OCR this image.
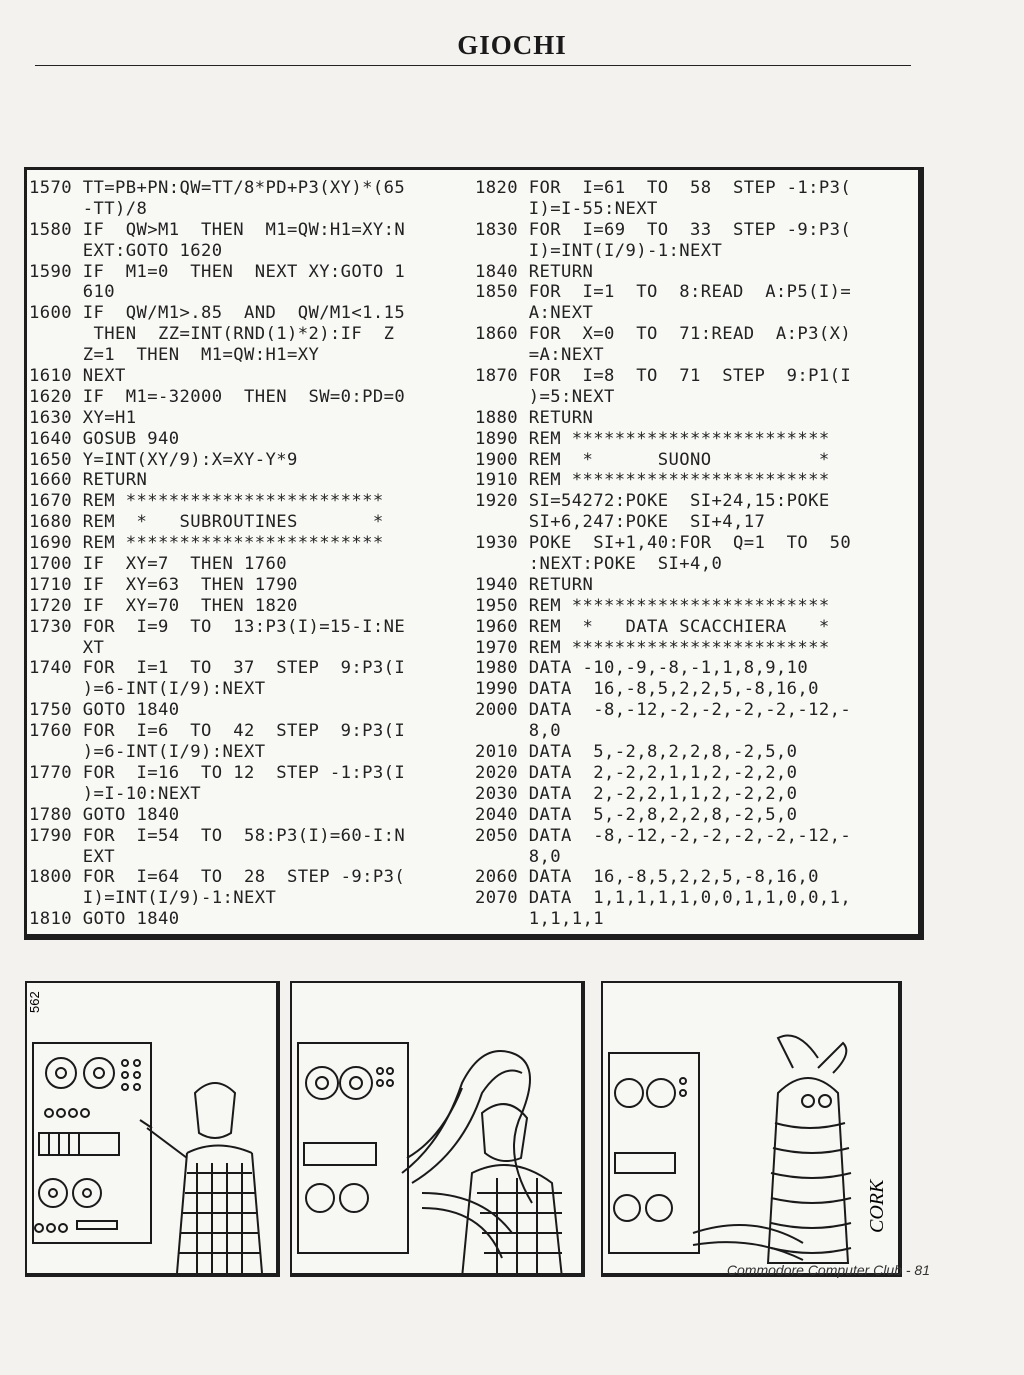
GIOCHI
1570 TT=PB+PN:QW=TT/8*PD+P3(XY)*(65
-TT)/8
1580 IF  QW>M1  THEN  M1=QW:H1=XY:N
EXT:GOTO 1620
1590 IF  M1=0  THEN  NEXT XY:GOTO 1
610
1600 IF  QW/M1>.85  AND  QW/M1<1.15
THEN  ZZ=INT(RND(1)*2):IF  Z
Z=1  THEN  M1=QW:H1=XY
1610 NEXT
1620 IF  M1=-32000  THEN  SW=0:PD=0
1630 XY=H1
1640 GOSUB 940
1650 Y=INT(XY/9):X=XY-Y*9
1660 RETURN
1670 REM ************************
1680 REM  *   SUBROUTINES       *
1690 REM ************************
1700 IF  XY=7  THEN 1760
1710 IF  XY=63  THEN 1790
1720 IF  XY=70  THEN 1820
1730 FOR  I=9  TO  13:P3(I)=15-I:NE
XT
1740 FOR  I=1  TO  37  STEP  9:P3(I
)=6-INT(I/9):NEXT
1750 GOTO 1840
1760 FOR  I=6  TO  42  STEP  9:P3(I
)=6-INT(I/9):NEXT
1770 FOR  I=16  TO 12  STEP -1:P3(I
)=I-10:NEXT
1780 GOTO 1840
1790 FOR  I=54  TO  58:P3(I)=60-I:N
EXT
1800 FOR  I=64  TO  28  STEP -9:P3(
I)=INT(I/9)-1:NEXT
1810 GOTO 1840
1820 FOR  I=61  TO  58  STEP -1:P3(
I)=I-55:NEXT
1830 FOR  I=69  TO  33  STEP -9:P3(
I)=INT(I/9)-1:NEXT
1840 RETURN
1850 FOR  I=1  TO  8:READ  A:P5(I)=
A:NEXT
1860 FOR  X=0  TO  71:READ  A:P3(X)
=A:NEXT
1870 FOR  I=8  TO  71  STEP  9:P1(I
)=5:NEXT
1880 RETURN
1890 REM ************************
1900 REM  *      SUONO          *
1910 REM ************************
1920 SI=54272:POKE  SI+24,15:POKE
SI+6,247:POKE  SI+4,17
1930 POKE  SI+1,40:FOR  Q=1  TO  50
:NEXT:POKE  SI+4,0
1940 RETURN
1950 REM ************************
1960 REM  *   DATA SCACCHIERA   *
1970 REM ************************
1980 DATA -10,-9,-8,-1,1,8,9,10
1990 DATA  16,-8,5,2,2,5,-8,16,0
2000 DATA  -8,-12,-2,-2,-2,-2,-12,-
8,0
2010 DATA  5,-2,8,2,2,8,-2,5,0
2020 DATA  2,-2,2,1,1,2,-2,2,0
2030 DATA  2,-2,2,1,1,2,-2,2,0
2040 DATA  5,-2,8,2,2,8,-2,5,0
2050 DATA  -8,-12,-2,-2,-2,-2,-12,-
8,0
2060 DATA  16,-8,5,2,2,5,-8,16,0
2070 DATA  1,1,1,1,1,0,0,1,1,0,0,1,
1,1,1,1
562
CORK
Commodore Computer Club - 81
